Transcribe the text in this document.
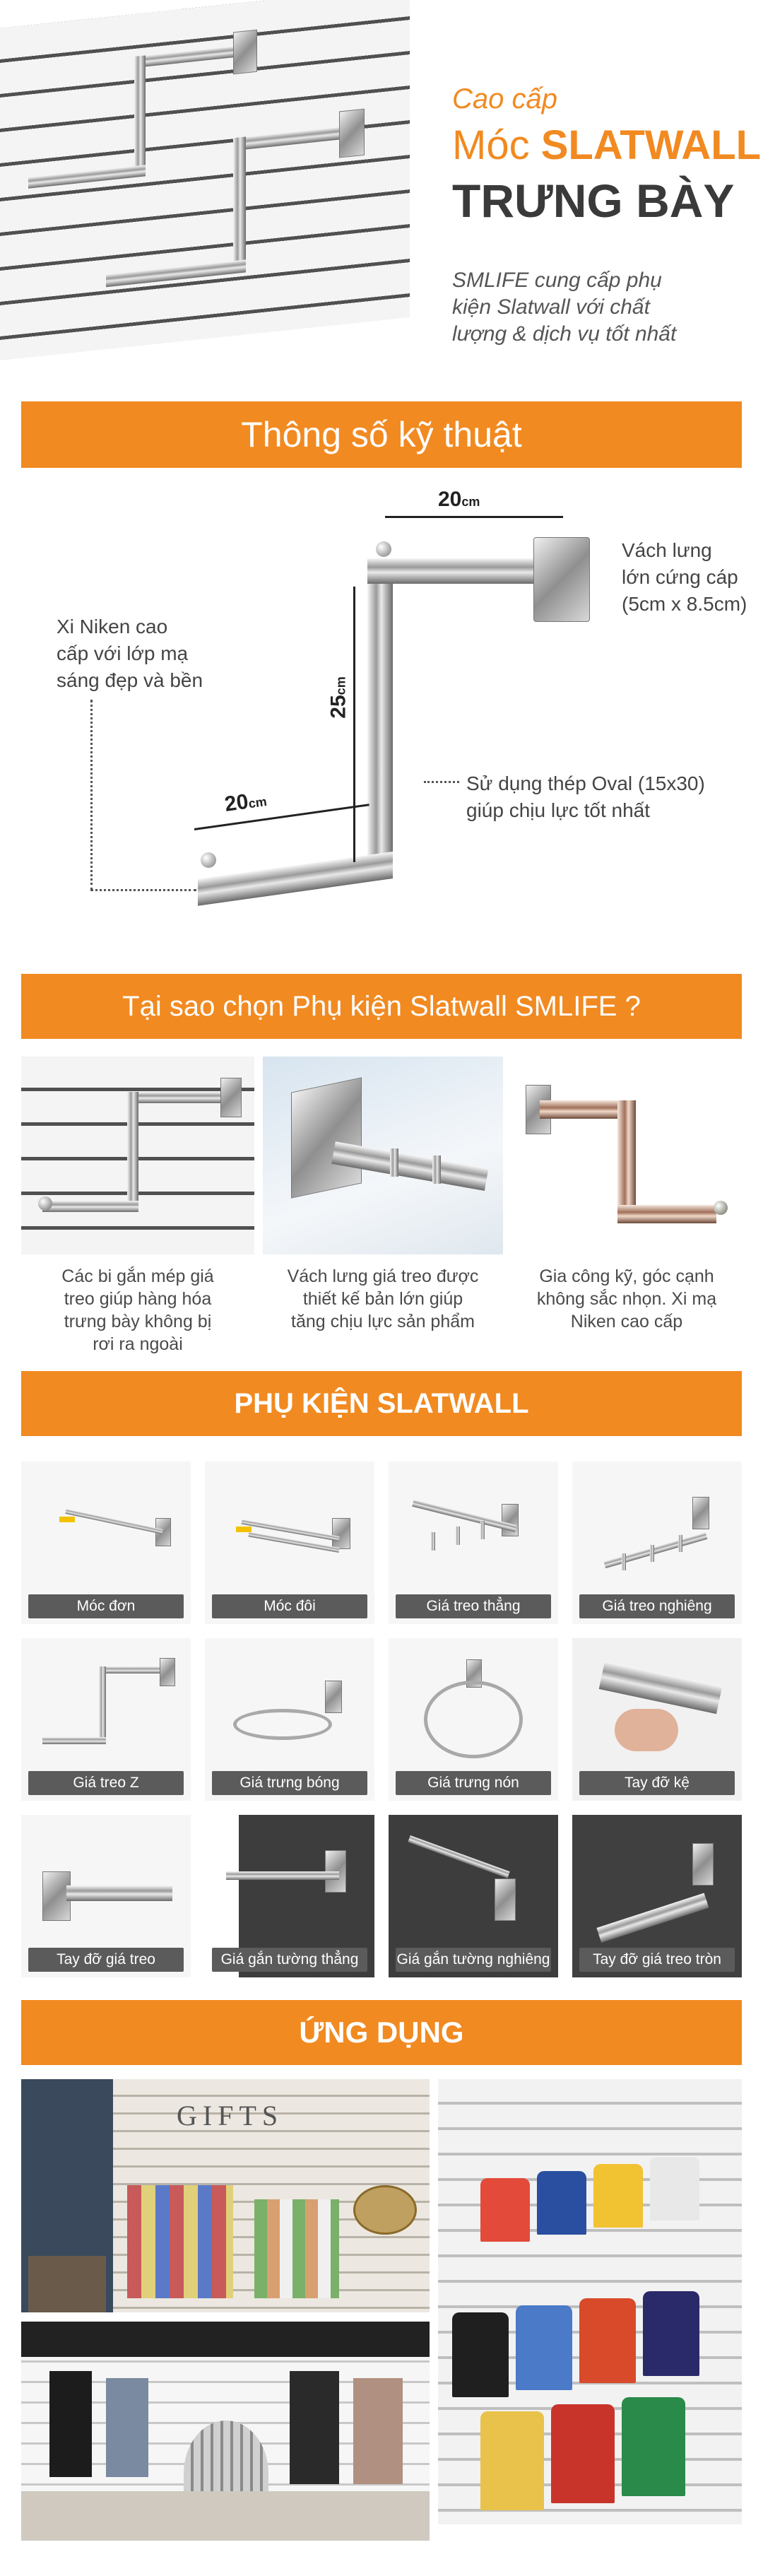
Cao cấp
Móc SLATWALL
TRƯNG BÀY
SMLIFE cung cấp phụ
kiện Slatwall với chất
lượng & dịch vụ tốt nhất
Thông số kỹ thuật
20cm
25cm
20cm
Xi Niken cao
cấp với lớp mạ
sáng đẹp và bền
Vách lưng
lớn cứng cáp
(5cm x 8.5cm)
Sử dụng thép Oval (15x30)
giúp chịu lực tốt nhất
Tại sao chọn Phụ kiện Slatwall SMLIFE ?
Các bi gắn mép giá
treo giúp hàng hóa
trưng bày không bị
rơi ra ngoài
Vách lưng giá treo được
thiết kế bản lớn giúp
tăng chịu lực sản phẩm
Gia công kỹ, góc cạnh
không sắc nhọn. Xi mạ
Niken cao cấp
PHỤ KIỆN SLATWALL
Móc đơn	Móc đôi	Giá treo thẳng	Giá treo nghiêng
Giá treo Z	Giá trưng bóng	Giá trưng nón	Tay đỡ kệ
Tay đỡ giá treo	Giá gắn tường thẳng	Giá gắn tường nghiêng	Tay đỡ giá treo tròn
ỨNG DỤNG
GIFTS
